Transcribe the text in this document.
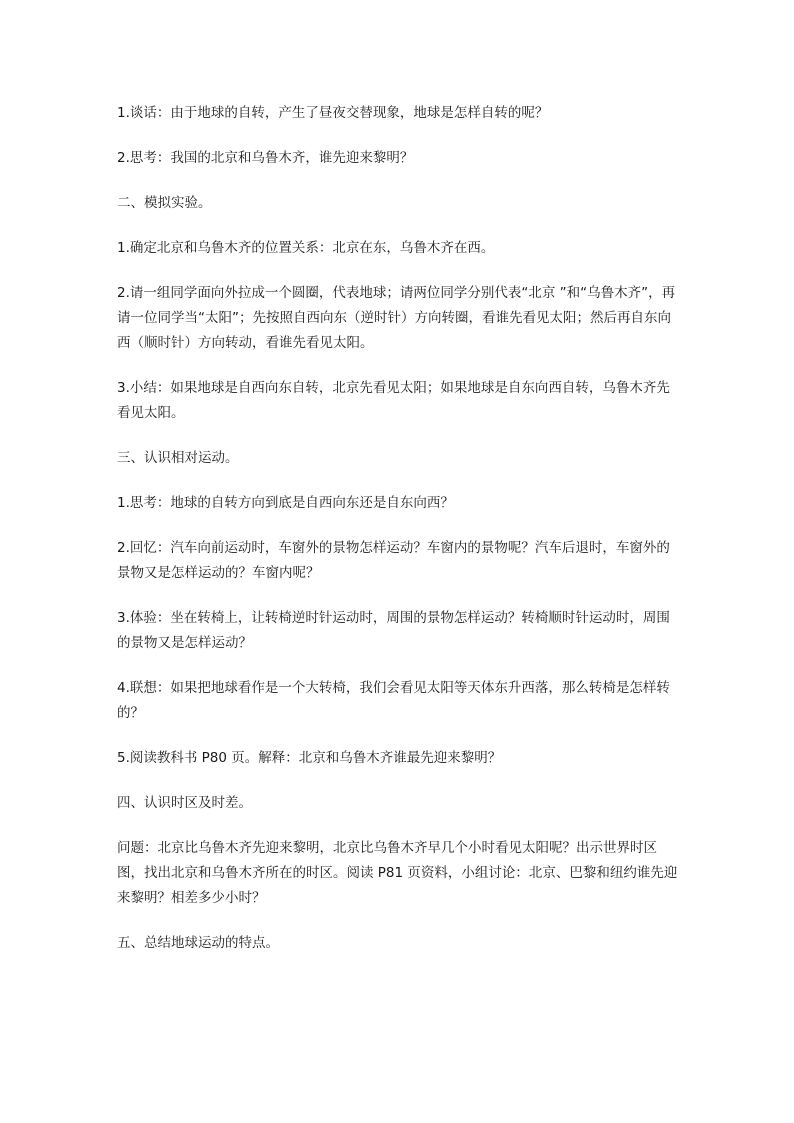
1.谈话：由于地球的自转，产生了昼夜交替现象，地球是怎样自转的呢？

2.思考：我国的北京和乌鲁木齐，谁先迎来黎明？

二、模拟实验。

1.确定北京和乌鲁木齐的位置关系：北京在东，乌鲁木齐在西。

2.请一组同学面向外拉成一个圆圈，代表地球；请两位同学分别代表“北京 ”和“乌鲁木齐”，再请一位同学当“太阳”；先按照自西向东（逆时针）方向转圈，看谁先看见太阳；然后再自东向西（顺时针）方向转动，看谁先看见太阳。

3.小结：如果地球是自西向东自转，北京先看见太阳；如果地球是自东向西自转，乌鲁木齐先看见太阳。

三、认识相对运动。

1.思考：地球的自转方向到底是自西向东还是自东向西？

2.回忆：汽车向前运动时，车窗外的景物怎样运动？车窗内的景物呢？汽车后退时，车窗外的景物又是怎样运动的？车窗内呢？

3.体验：坐在转椅上，让转椅逆时针运动时，周围的景物怎样运动？转椅顺时针运动时，周围的景物又是怎样运动？

4.联想：如果把地球看作是一个大转椅，我们会看见太阳等天体东升西落，那么转椅是怎样转的？

5.阅读教科书 P80 页。解释：北京和乌鲁木齐谁最先迎来黎明？

四、认识时区及时差。

问题：北京比乌鲁木齐先迎来黎明，北京比乌鲁木齐早几个小时看见太阳呢？出示世界时区图，找出北京和乌鲁木齐所在的时区。阅读 P81 页资料，小组讨论：北京、巴黎和纽约谁先迎来黎明？相差多少小时？

五、总结地球运动的特点。
